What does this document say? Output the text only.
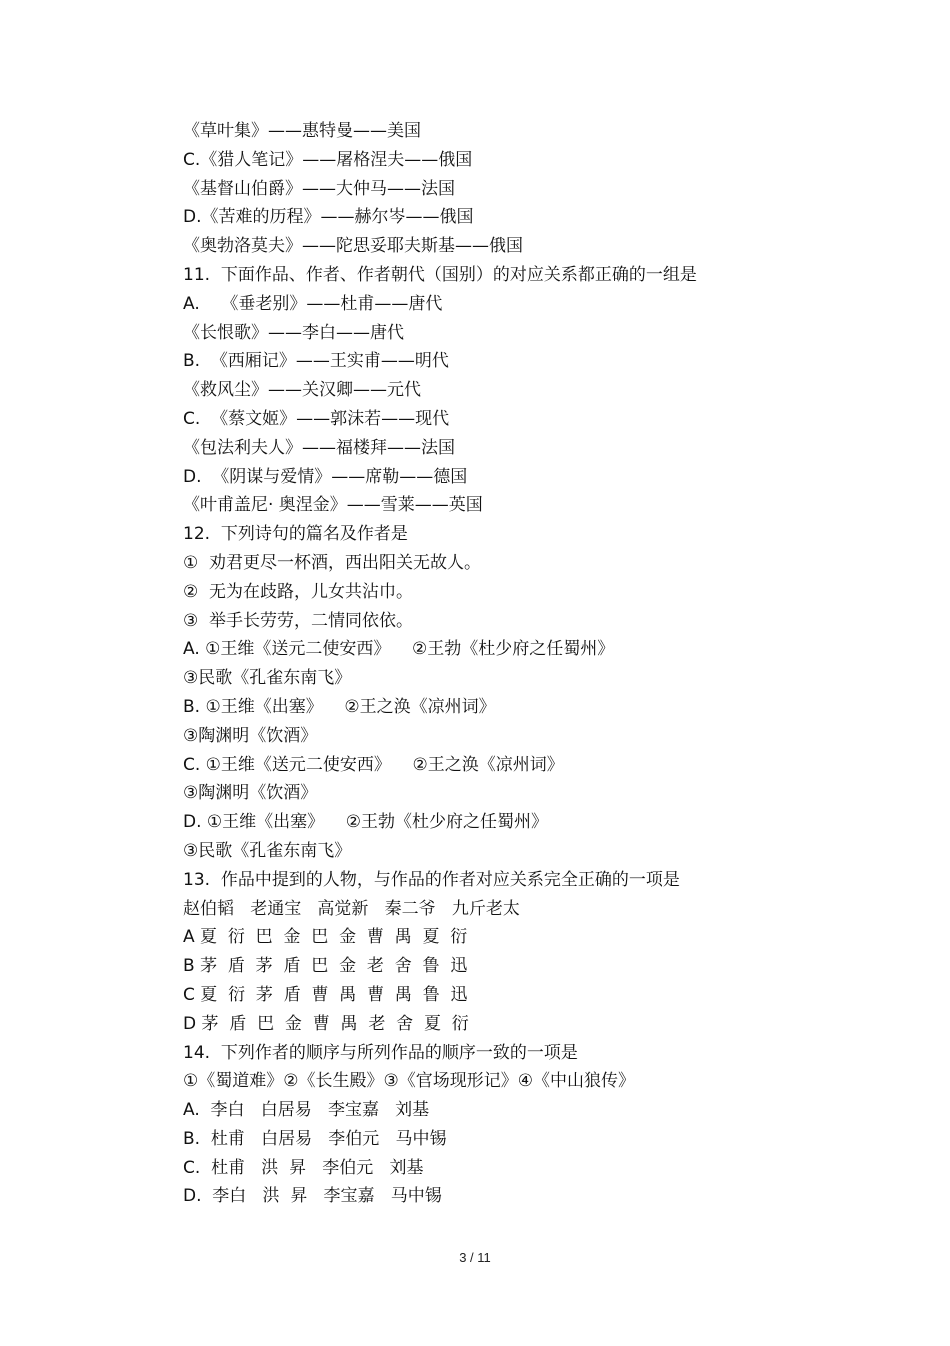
《草叶集》——惠特曼——美国
C.《猎人笔记》——屠格涅夫——俄国
《基督山伯爵》——大仲马——法国
D.《苦难的历程》——赫尔岑——俄国
《奥勃洛莫夫》——陀思妥耶夫斯基——俄国
11.  下面作品、作者、作者朝代（国别）的对应关系都正确的一组是
A.    《垂老别》——杜甫——唐代
《长恨歌》——李白——唐代
B.  《西厢记》——王实甫——明代
《救风尘》——关汉卿——元代
C.  《蔡文姬》——郭沫若——现代
《包法利夫人》——福楼拜——法国
D.  《阴谋与爱情》——席勒——德国
《叶甫盖尼· 奥涅金》——雪莱——英国
12.  下列诗句的篇名及作者是
①  劝君更尽一杯酒，西出阳关无故人。
②  无为在歧路，儿女共沾巾。
③  举手长劳劳，二情同依依。
A. ①王维《送元二使安西》    ②王勃《杜少府之任蜀州》
③民歌《孔雀东南飞》
B. ①王维《出塞》    ②王之涣《凉州词》
③陶渊明《饮酒》
C. ①王维《送元二使安西》    ②王之涣《凉州词》
③陶渊明《饮酒》
D. ①王维《出塞》    ②王勃《杜少府之任蜀州》
③民歌《孔雀东南飞》
13.  作品中提到的人物，与作品的作者对应关系完全正确的一项是
赵伯韬   老通宝   高觉新   秦二爷   九斤老太
A 夏  衍  巴  金  巴  金  曹  禺  夏  衍
B 茅  盾  茅  盾  巴  金  老  舍  鲁  迅
C 夏  衍  茅  盾  曹  禺  曹  禺  鲁  迅
D 茅  盾  巴  金  曹  禺  老  舍  夏  衍
14.  下列作者的顺序与所列作品的顺序一致的一项是
①《蜀道难》②《长生殿》③《官场现形记》④《中山狼传》
A.  李白   白居易   李宝嘉   刘基
B.  杜甫   白居易   李伯元   马中锡
C.  杜甫   洪  昇   李伯元   刘基
D.  李白   洪  昇   李宝嘉   马中锡
3 / 11
